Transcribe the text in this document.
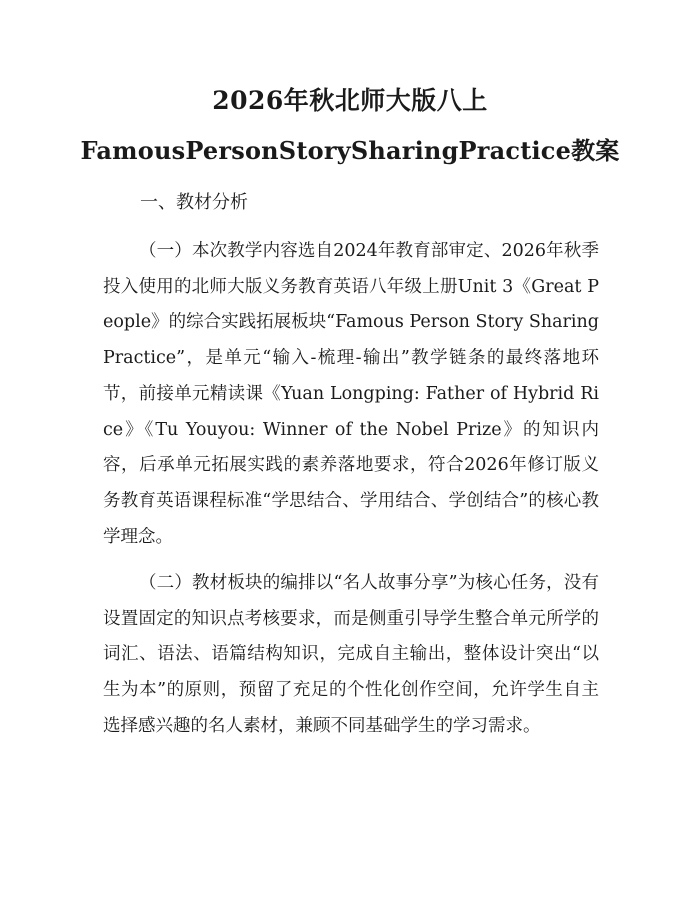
2026年秋北师大版八上
FamousPersonStorySharingPractice教案
一、教材分析
（一）本次教学内容选自2024年教育部审定、2026年秋季投入使用的北师大版义务教育英语八年级上册Unit 3《Great People》的综合实践拓展板块“Famous Person Story Sharing Practice”，是单元“输入-梳理-输出”教学链条的最终落地环节，前接单元精读课《Yuan Longping: Father of Hybrid Rice》《Tu Youyou: Winner of the Nobel Prize》的知识内容，后承单元拓展实践的素养落地要求，符合2026年修订版义务教育英语课程标准“学思结合、学用结合、学创结合”的核心教学理念。
（二）教材板块的编排以“名人故事分享”为核心任务，没有设置固定的知识点考核要求，而是侧重引导学生整合单元所学的词汇、语法、语篇结构知识，完成自主输出，整体设计突出“以生为本”的原则，预留了充足的个性化创作空间，允许学生自主选择感兴趣的名人素材，兼顾不同基础学生的学习需求。
